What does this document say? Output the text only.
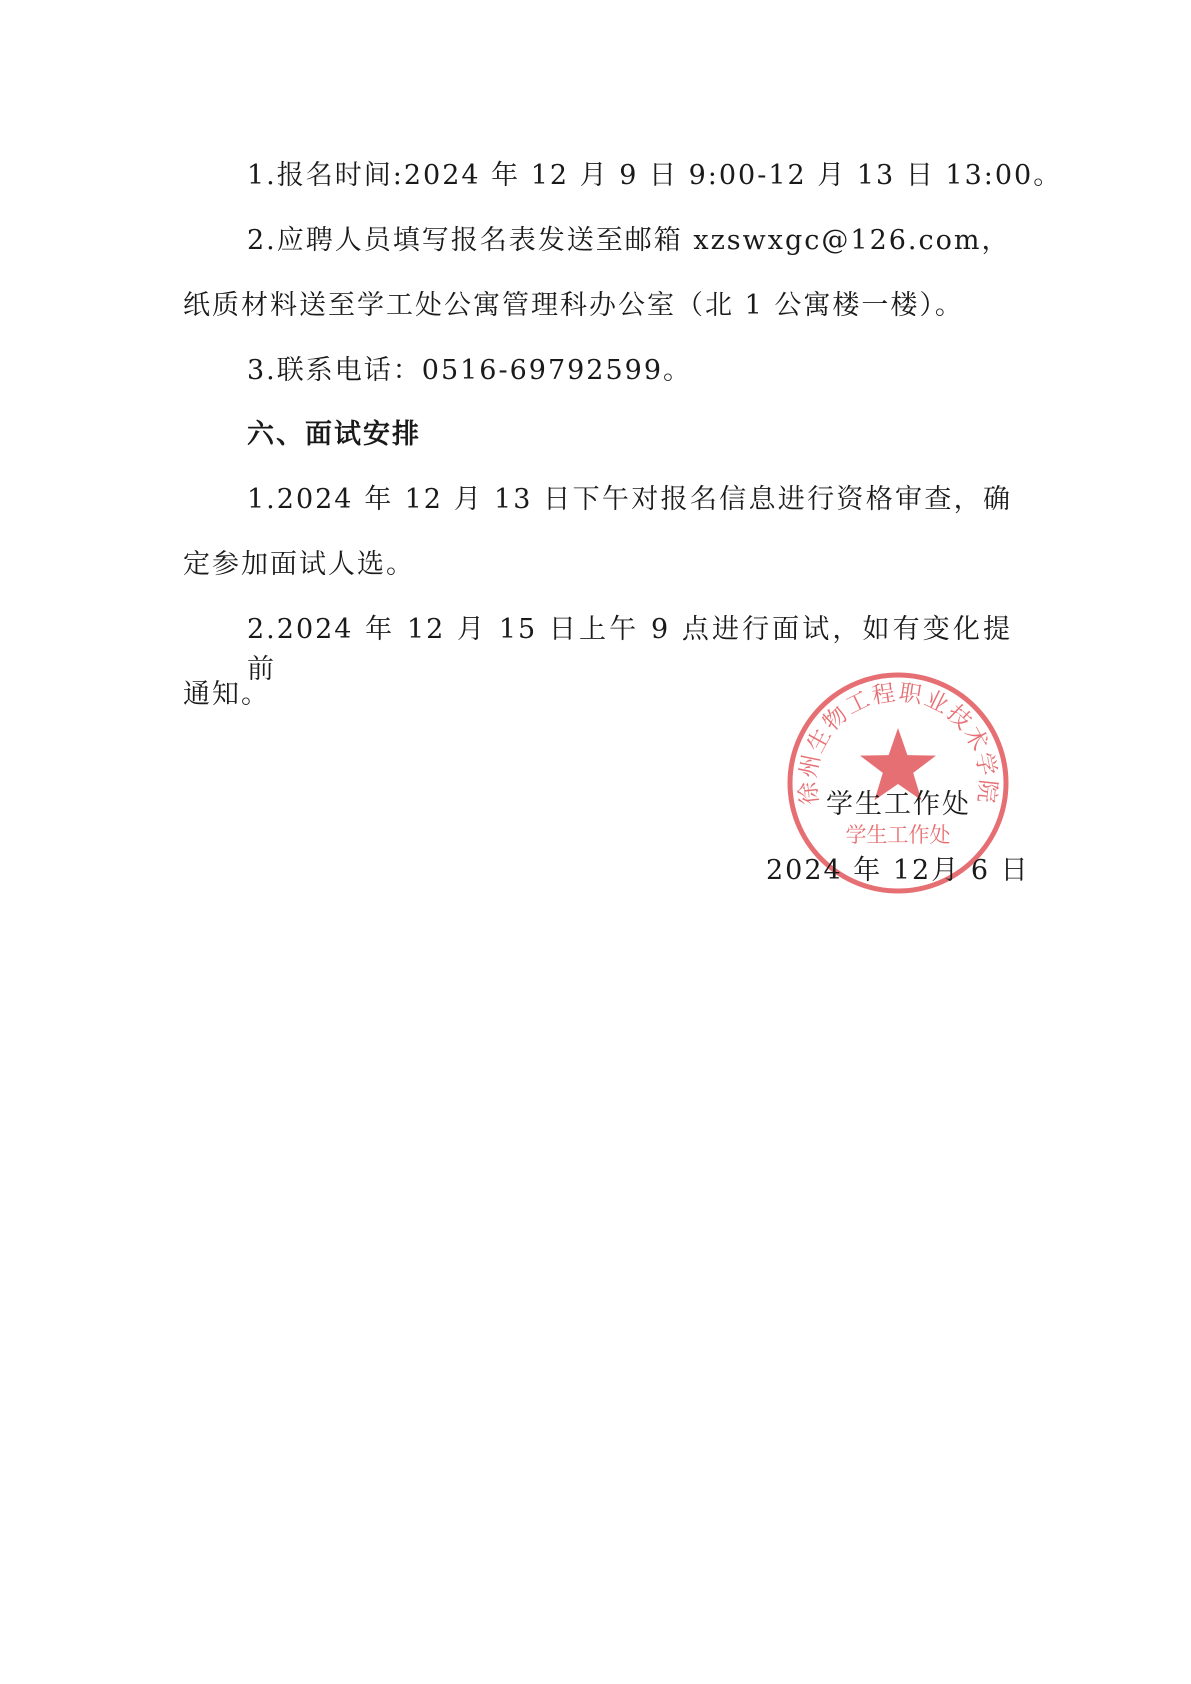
1.报名时间:2024 年 12 月 9 日 9:00-12 月 13 日 13:00。
2.应聘人员填写报名表发送至邮箱 xzswxgc@126.com，
纸质材料送至学工处公寓管理科办公室（北 1 公寓楼一楼）。
3.联系电话：0516-69792599。
六、面试安排
1.2024 年 12 月 13 日下午对报名信息进行资格审查，确
定参加面试人选。
2.2024 年 12 月 15 日上午 9 点进行面试，如有变化提前
通知。
徐州生物工程职业技术学院
学生工作处
学生工作处
2024 年 12月 6 日
